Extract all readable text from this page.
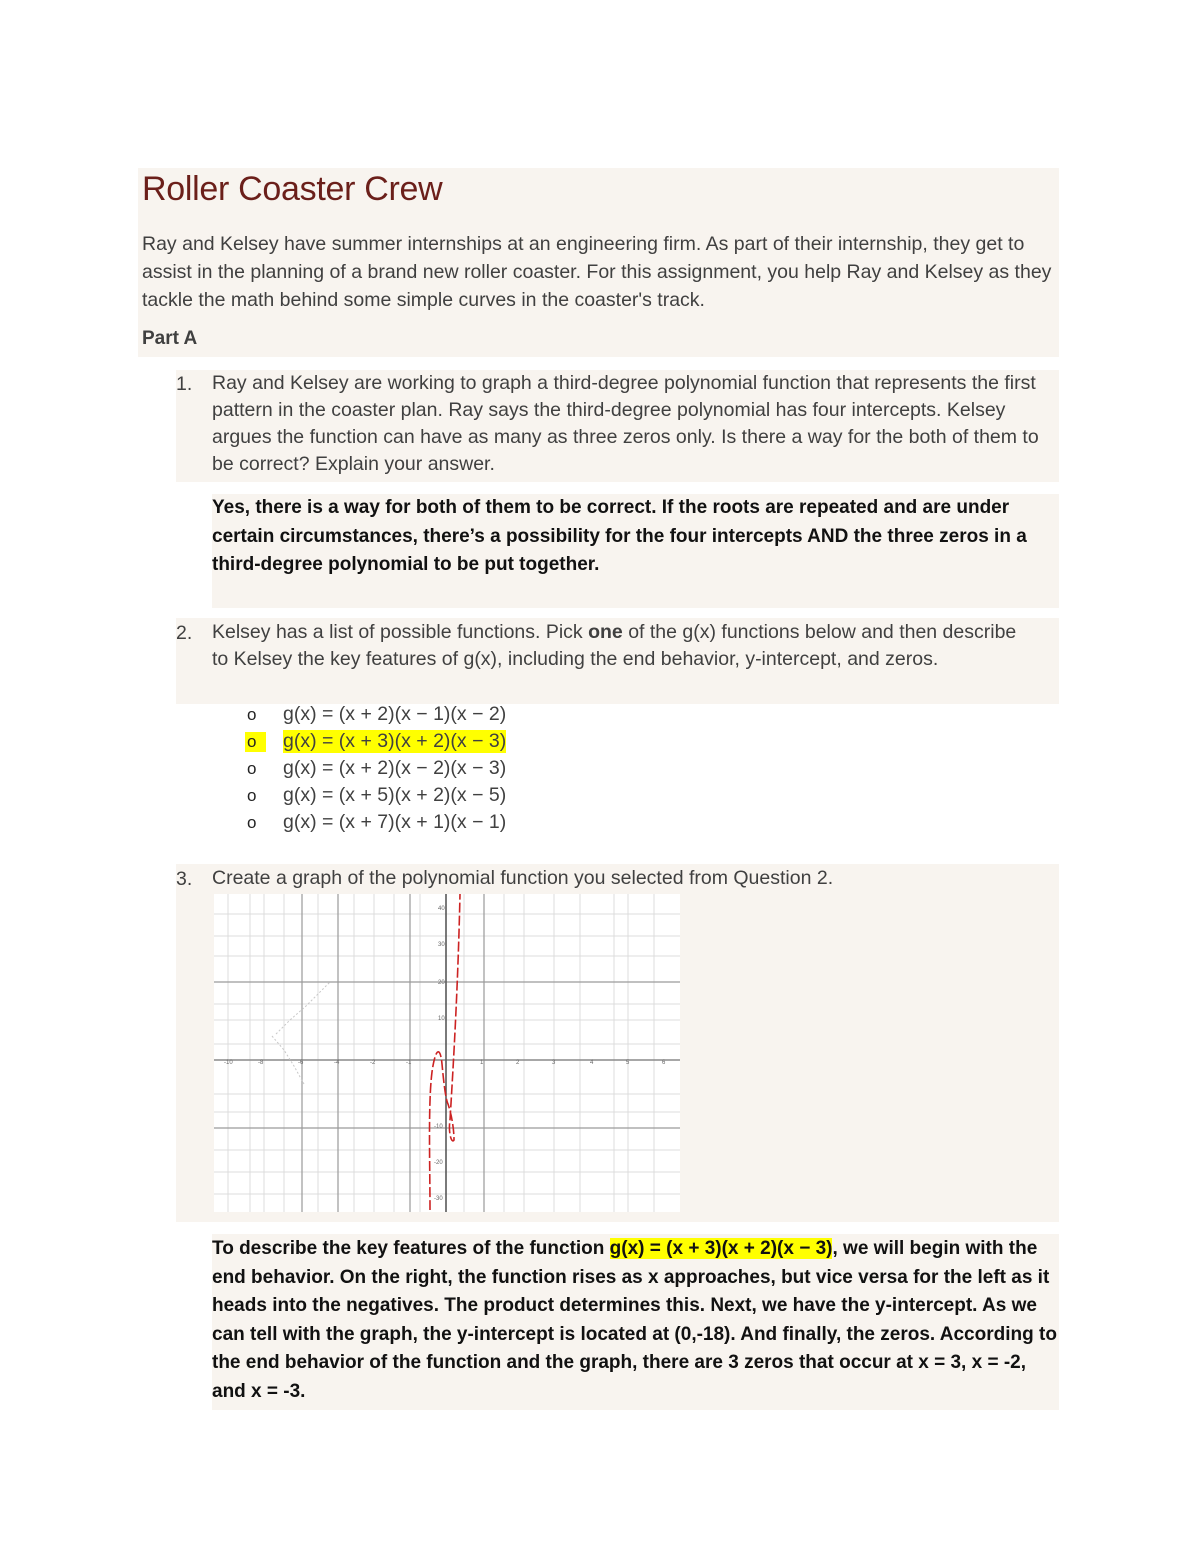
Roller Coaster Crew
Ray and Kelsey have summer internships at an engineering firm. As part of their internship, they get to assist in the planning of a brand new roller coaster. For this assignment, you help Ray and Kelsey as they tackle the math behind some simple curves in the coaster's track.
Part A
1. Ray and Kelsey are working to graph a third-degree polynomial function that represents the first pattern in the coaster plan. Ray says the third-degree polynomial has four intercepts. Kelsey argues the function can have as many as three zeros only. Is there a way for the both of them to be correct? Explain your answer.
Yes, there is a way for both of them to be correct. If the roots are repeated and are under certain circumstances, there’s a possibility for the four intercepts AND the three zeros in a third-degree polynomial to be put together.
2. Kelsey has a list of possible functions. Pick one of the g(x) functions below and then describe to Kelsey the key features of g(x), including the end behavior, y-intercept, and zeros.
o g(x) = (x + 2)(x − 1)(x − 2)
o	g(x) = (x + 3)(x + 2)(x − 3)
o g(x) = (x + 2)(x − 2)(x − 3)
o g(x) = (x + 5)(x + 2)(x − 5)
o g(x) = (x + 7)(x + 1)(x − 1)
3. Create a graph of the polynomial function you selected from Question 2.
-10	-8	-6	-4	-2	-1	1	2	3	4	5	6
40
30
20
10
-10
-20
-30
To describe the key features of the function g(x) = (x + 3)(x + 2)(x − 3), we will begin with the end behavior. On the right, the function rises as x approaches, but vice versa for the left as it heads into the negatives. The product determines this. Next, we have the y-intercept. As we can tell with the graph, the y-intercept is located at (0,-18). And finally, the zeros. According to the end behavior of the function and the graph, there are 3 zeros that occur at x = 3, x = -2, and x = -3.
